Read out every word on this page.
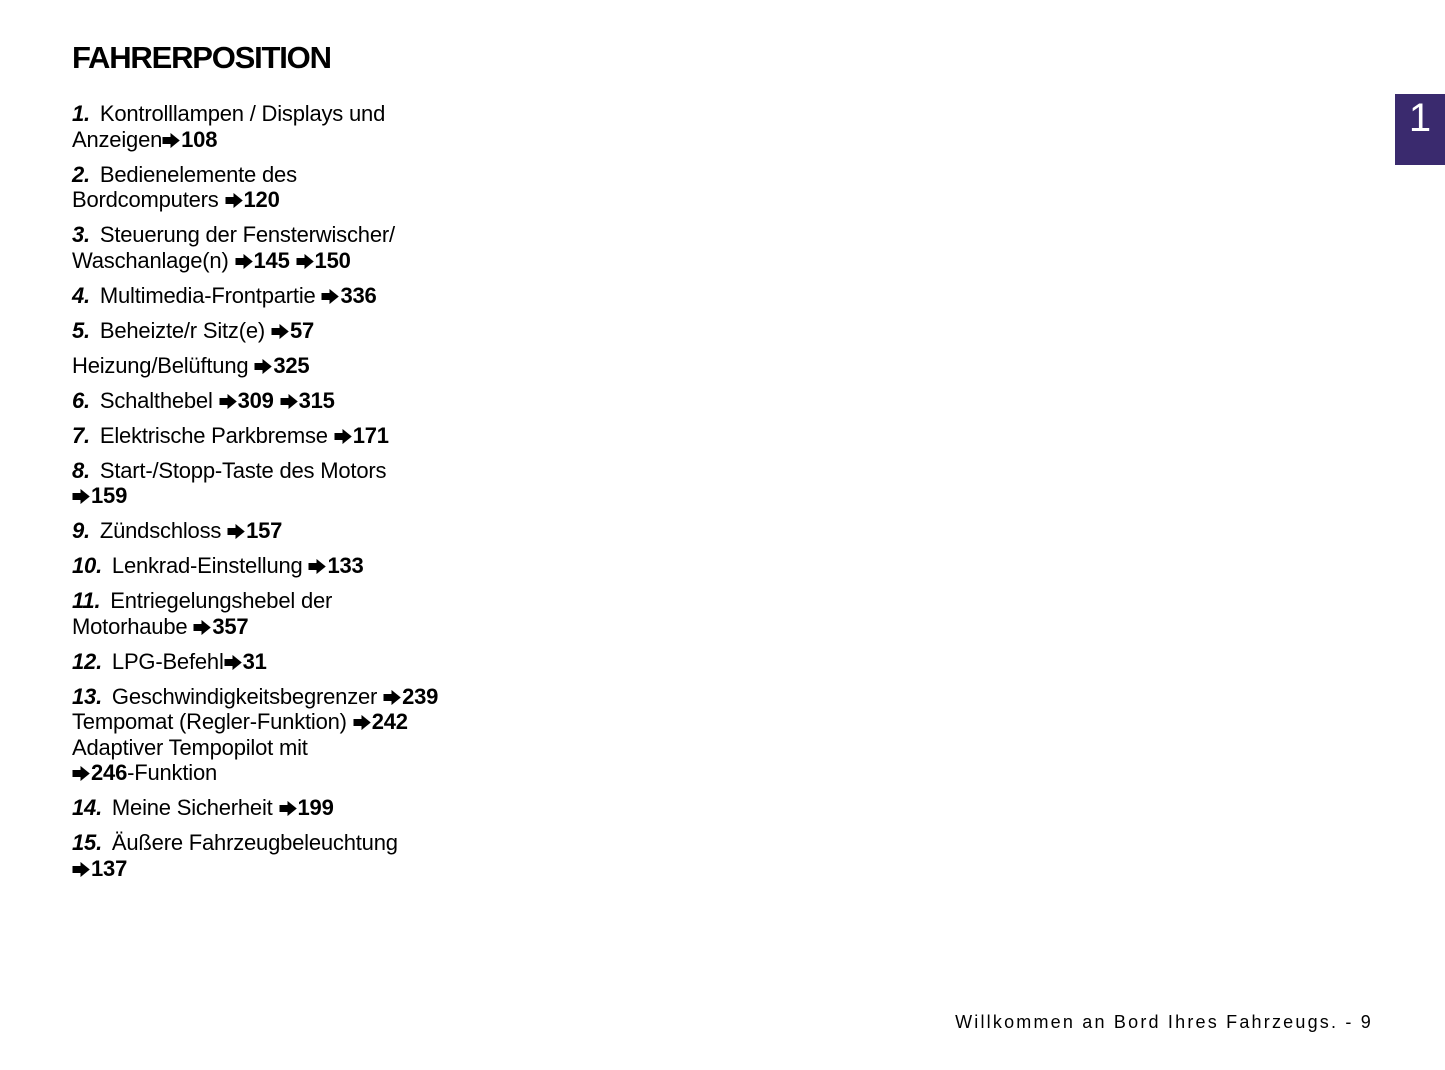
FAHRERPOSITION
1
1. Kontrolllampen / Displays und
Anzeigen 108
2. Bedienelemente des
Bordcomputers 120
3. Steuerung der Fensterwischer/
Waschanlage(n) 145 150
4. Multimedia-Frontpartie 336
5. Beheizte/r Sitz(e) 57
Heizung/Belüftung 325
6. Schalthebel 309 315
7. Elektrische Parkbremse 171
8. Start-/Stopp-Taste des Motors
159
9. Zündschloss 157
10. Lenkrad-Einstellung 133
11. Entriegelungshebel der
Motorhaube 357
12. LPG-Befehl 31
13. Geschwindigkeitsbegrenzer 239
Tempomat (Regler-Funktion) 242
Adaptiver Tempopilot mit
246-Funktion
14. Meine Sicherheit 199
15. Äußere Fahrzeugbeleuchtung
137
Willkommen an Bord Ihres Fahrzeugs. - 9
